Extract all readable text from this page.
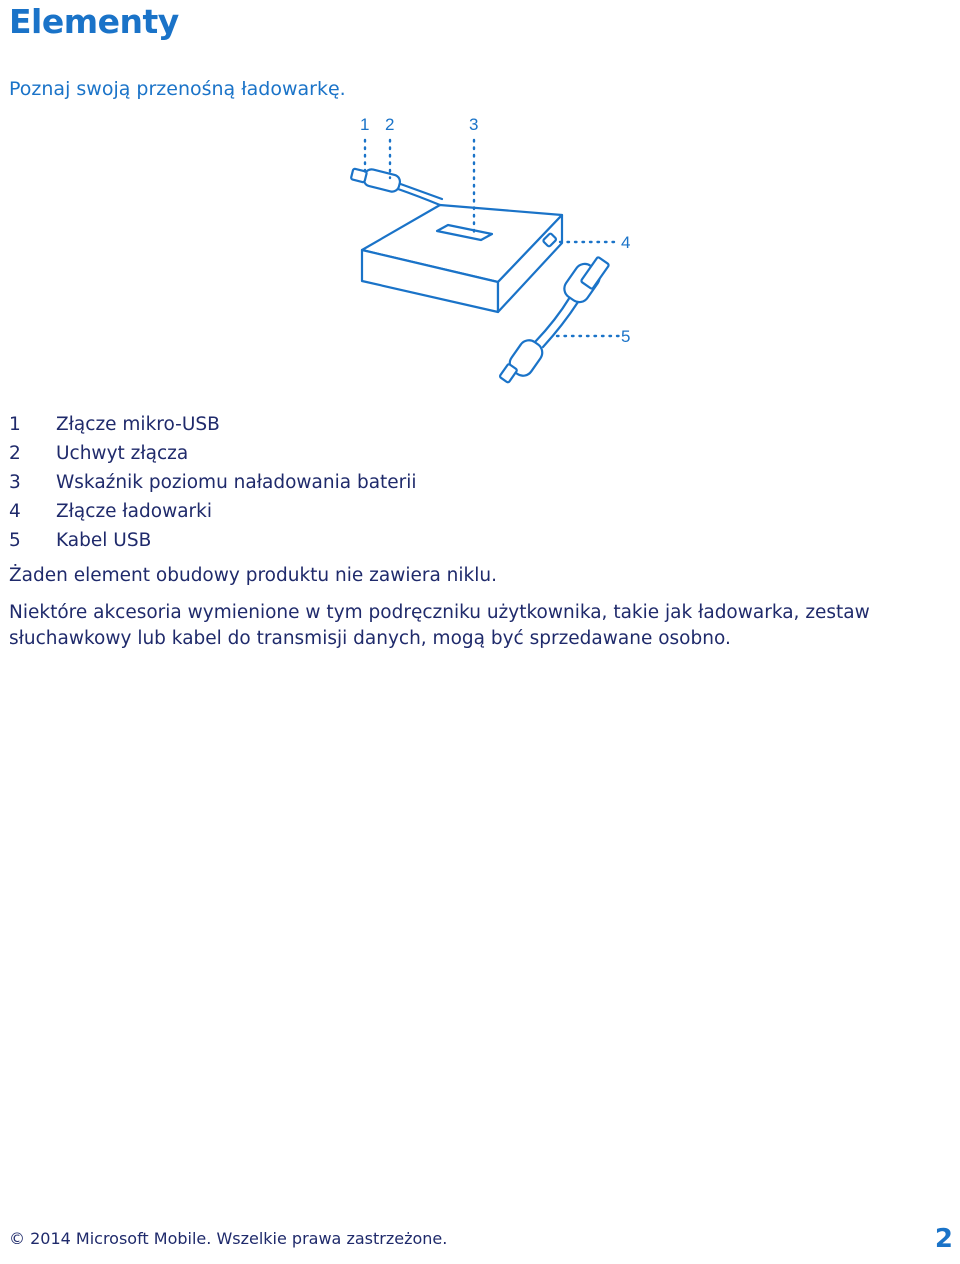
Elementy

Poznaj swoją przenośną ładowarkę.

1 2	3
4
5
1	Złącze mikro-USB
2	Uchwyt złącza
3	Wskaźnik poziomu naładowania baterii
4	Złącze ładowarki
5	Kabel USB

Żaden element obudowy produktu nie zawiera niklu.

Niektóre akcesoria wymienione w tym podręczniku użytkownika, takie jak ładowarka, zestaw
słuchawkowy lub kabel do transmisji danych, mogą być sprzedawane osobno.

© 2014 Microsoft Mobile. Wszelkie prawa zastrzeżone.	2
